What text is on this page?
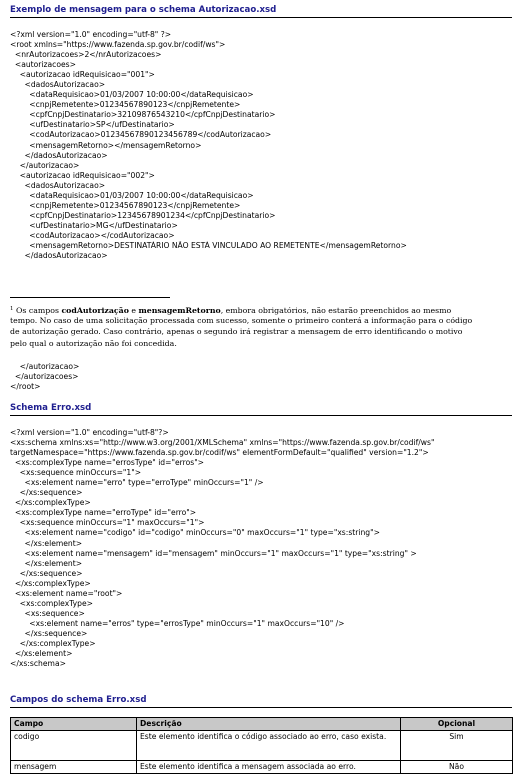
Exemplo de mensagem para o schema Autorizacao.xsd
<?xml version="1.0" encoding="utf-8" ?>
<root xmlns="https://www.fazenda.sp.gov.br/codif/ws">
<nrAutorizacoes>2</nrAutorizacoes>
<autorizacoes>
<autorizacao idRequisicao="001">
<dadosAutorizacao>
<dataRequisicao>01/03/2007 10:00:00</dataRequisicao>
<cnpjRemetente>01234567890123</cnpjRemetente>
<cpfCnpjDestinatario>32109876543210</cpfCnpjDestinatario>
<ufDestinatario>SP</ufDestinatario>
<codAutorizacao>01234567890123456789</codAutorizacao>
<mensagemRetorno></mensagemRetorno>
</dadosAutorizacao>
</autorizacao>
<autorizacao idRequisicao="002">
<dadosAutorizacao>
<dataRequisicao>01/03/2007 10:00:00</dataRequisicao>
<cnpjRemetente>01234567890123</cnpjRemetente>
<cpfCnpjDestinatario>12345678901234</cpfCnpjDestinatario>
<ufDestinatario>MG</ufDestinatario>
<codAutorizacao></codAutorizacao>
<mensagemRetorno>DESTINATÁRIO NÃO ESTÁ VINCULADO AO REMETENTE</mensagemRetorno>
</dadosAutorizacao>
$^1$ Os campos codAutorização e mensagemRetorno, embora obrigatórios, não estarão preenchidos ao mesmo
tempo. No caso de uma solicitação processada com sucesso, somente o primeiro conterá a informação para o código
de autorização gerado. Caso contrário, apenas o segundo irá registrar a mensagem de erro identificando o motivo
pelo qual o autorização não foi concedida.
</autorizacao>
</autorizacoes>
</root>
Schema Erro.xsd
<?xml version="1.0" encoding="utf-8"?>
<xs:schema xmlns:xs="http://www.w3.org/2001/XMLSchema" xmlns="https://www.fazenda.sp.gov.br/codif/ws"
targetNamespace="https://www.fazenda.sp.gov.br/codif/ws" elementFormDefault="qualified" version="1.2">
<xs:complexType name="errosType" id="erros">
<xs:sequence minOccurs="1">
<xs:element name="erro" type="erroType" minOccurs="1" />
</xs:sequence>
</xs:complexType>
<xs:complexType name="erroType" id="erro">
<xs:sequence minOccurs="1" maxOccurs="1">
<xs:element name="codigo" id="codigo" minOccurs="0" maxOccurs="1" type="xs:string">
</xs:element>
<xs:element name="mensagem" id="mensagem" minOccurs="1" maxOccurs="1" type="xs:string" >
</xs:element>
</xs:sequence>
</xs:complexType>
<xs:element name="root">
<xs:complexType>
<xs:sequence>
<xs:element name="erros" type="errosType" minOccurs="1" maxOccurs="10" />
</xs:sequence>
</xs:complexType>
</xs:element>
</xs:schema>
Campos do schema Erro.xsd
Campo	Descrição	Opcional
codigo	Este elemento identifica o código associado ao erro, caso exista.	Sim
mensagem	Este elemento identifica a mensagem associada ao erro.	Não
